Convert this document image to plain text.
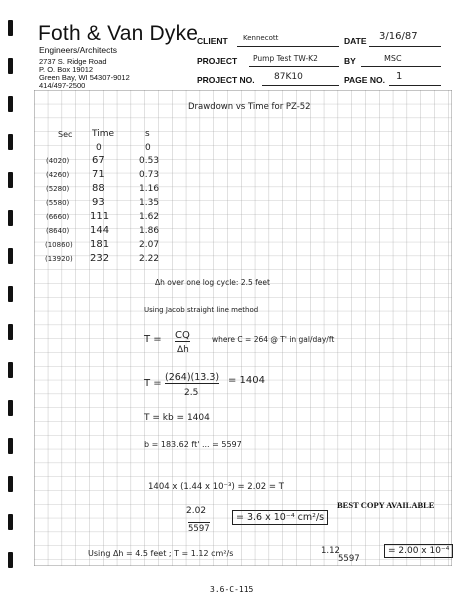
Foth & Van Dyke
Engineers/Architects
2737 S. Ridge Road
P. O. Box 19012
Green Bay, WI 54307-9012
414/497-2500
CLIENT Kennecott	DATE 3/16/87
PROJECT Pump Test TW-K2	BY	MSC
PROJECT NO. 87K10	PAGE NO. 1
Drawdown vs Time for PZ-52
Sec Time	s
0	0
(4020) 67	0.53
(4260) 71	0.73
(5280) 88	1.16
(5580) 93	1.35
(6660) 111	1.62
(8640) 144	1.86
(10860) 181	2.07
(13920) 232	2.22
Δh over one log cycle: 2.5 feet
Using Jacob straight line method
T = CQ
Δh
where C = 264 @ T' in gal/day/ft
T =
(264)(13.3)
2.5
= 1404
T = kb = 1404
b = 183.62 ft' ... = 5597
1404 x (1.44 x 10⁻³) = 2.02 = T
2.02
5597
= 3.6 x 10⁻⁴ cm²/s
BEST COPY AVAILABLE
Using Δh = 4.5 feet ; T = 1.12 cm²/s	1.12
5597
= 2.00 x 10⁻⁴
3.6-C-115
